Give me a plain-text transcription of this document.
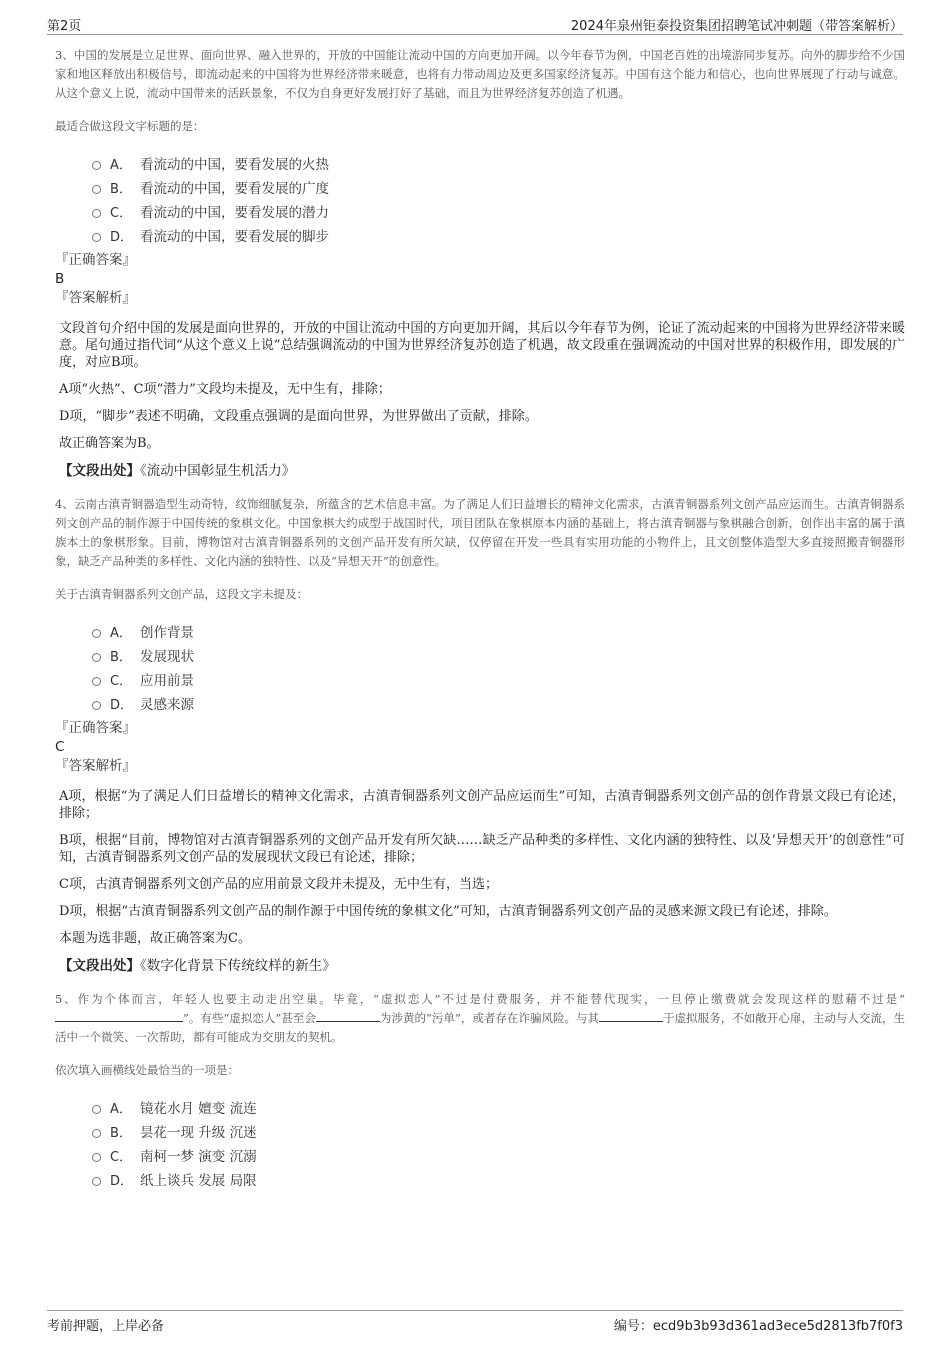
第2页	2024年泉州钜泰投资集团招聘笔试冲刺题（带答案解析）

3、中国的发展是立足世界、面向世界、融入世界的，开放的中国能让流动中国的方向更加开阔。以今年春节为例，中国老百姓的出境游同步复苏。向外的脚步给不少国家和地区释放出积极信号，即流动起来的中国将为世界经济带来暖意，也将有力带动周边及更多国家经济复苏。中国有这个能力和信心，也向世界展现了行动与诚意。从这个意义上说，流动中国带来的活跃景象，不仅为自身更好发展打好了基础，而且为世界经济复苏创造了机遇。

最适合做这段文字标题的是：

A． 看流动的中国，要看发展的火热
B． 看流动的中国，要看发展的广度
C． 看流动的中国，要看发展的潜力
D． 看流动的中国，要看发展的脚步
『正确答案』
B
『答案解析』

文段首句介绍中国的发展是面向世界的，开放的中国让流动中国的方向更加开阔，其后以今年春节为例，论证了流动起来的中国将为世界经济带来暖意。尾句通过指代词“从这个意义上说”总结强调流动的中国为世界经济复苏创造了机遇，故文段重在强调流动的中国对世界的积极作用，即发展的广度，对应B项。

A项“火热”、C项“潜力”文段均未提及，无中生有，排除；

D项，“脚步”表述不明确，文段重点强调的是面向世界，为世界做出了贡献，排除。

故正确答案为B。

【文段出处】《流动中国彰显生机活力》

4、云南古滇青铜器造型生动奇特，纹饰细腻复杂，所蕴含的艺术信息丰富。为了满足人们日益增长的精神文化需求，古滇青铜器系列文创产品应运而生。古滇青铜器系列文创产品的制作源于中国传统的象棋文化。中国象棋大约成型于战国时代，项目团队在象棋原本内涵的基础上，将古滇青铜器与象棋融合创新，创作出丰富的属于滇族本土的象棋形象。目前，博物馆对古滇青铜器系列的文创产品开发有所欠缺，仅停留在开发一些具有实用功能的小物件上，且文创整体造型大多直接照搬青铜器形象，缺乏产品种类的多样性、文化内涵的独特性、以及“异想天开”的创意性。

关于古滇青铜器系列文创产品，这段文字未提及：

A． 创作背景
B． 发展现状
C． 应用前景
D． 灵感来源
『正确答案』
C
『答案解析』

A项，根据“为了满足人们日益增长的精神文化需求，古滇青铜器系列文创产品应运而生”可知，古滇青铜器系列文创产品的创作背景文段已有论述，排除；

B项，根据“目前，博物馆对古滇青铜器系列的文创产品开发有所欠缺……缺乏产品种类的多样性、文化内涵的独特性、以及‘异想天开’的创意性”可知，古滇青铜器系列文创产品的发展现状文段已有论述，排除；

C项，古滇青铜器系列文创产品的应用前景文段并未提及，无中生有，当选；

D项，根据“古滇青铜器系列文创产品的制作源于中国传统的象棋文化”可知，古滇青铜器系列文创产品的灵感来源文段已有论述，排除。

本题为选非题，故正确答案为C。

【文段出处】《数字化背景下传统纹样的新生》

5、作为个体而言，年轻人也要主动走出空巢。毕竟，“虚拟恋人”不过是付费服务，并不能替代现实，一旦停止缴费就会发现这样的慰藉不过是“”。有些“虚拟恋人”甚至会	为涉黄的“污单”，或者存在诈骗风险。与其	于虚拟服务，不如敞开心扉，主动与人交流，生活中一个微笑、一次帮助，都有可能成为交朋友的契机。

依次填入画横线处最恰当的一项是：

A． 镜花水月 嬗变 流连
B． 昙花一现 升级 沉迷
C． 南柯一梦 演变 沉溺
D． 纸上谈兵 发展 局限
考前押题，上岸必备	编号：ecd9b3b93d361ad3ece5d2813fb7f0f3
